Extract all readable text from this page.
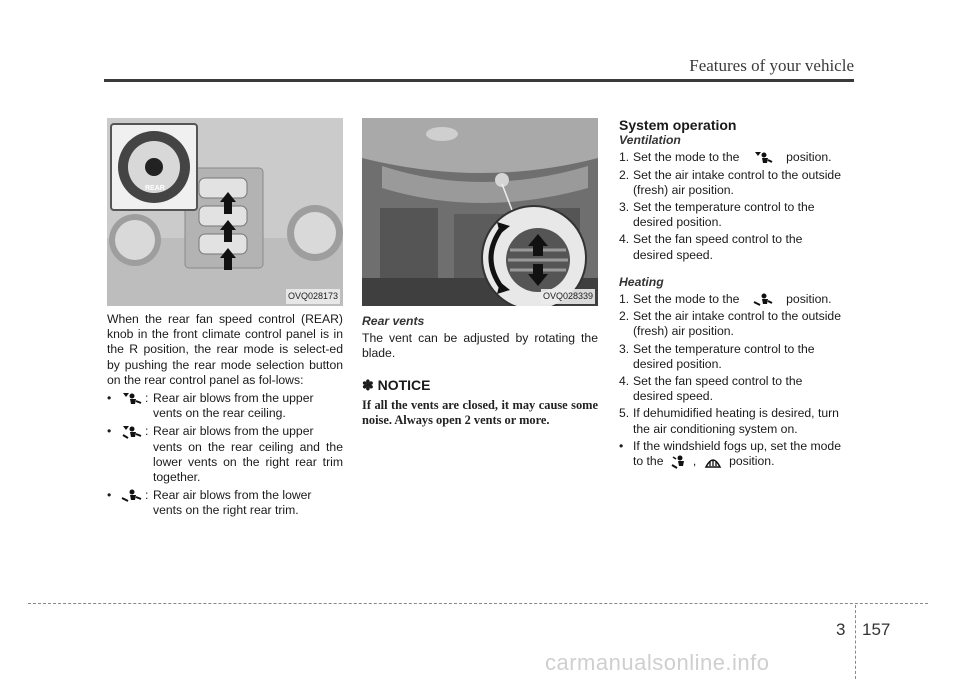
Features of your vehicle
REAR
OVQ028173

When the rear fan speed control (REAR) knob in the front climate control panel is in the R position, the rear mode is select-ed by pushing the rear mode selection button on the rear control panel as fol-lows:

•	: Rear air blows from the upper
vents on the rear ceiling.
•	: Rear air blows from the upper
vents on the rear ceiling and the lower vents on the right rear trim together.
•	: Rear air blows from the lower
vents on the right rear trim.
OVQ028339
Rear vents
The vent can be adjusted by rotating the blade.
✽ NOTICE
If all the vents are closed, it may cause some noise. Always open 2 vents or more.
System operation
Ventilation
1. Set the mode to the	position.
2. Set the air intake control to the outside
(fresh) air position.
3. Set the temperature control to the
desired position.
4. Set the fan speed control to the
desired speed.
Heating
1. Set the mode to the	position.
2. Set the air intake control to the outside
(fresh) air position.
3. Set the temperature control to the
desired position.
4. Set the fan speed control to the
desired speed.
5. If dehumidified heating is desired, turn
the air conditioning system on.
• If the windshield fogs up, set the mode
to the ,	position.
3 157
carmanualsonline.info
